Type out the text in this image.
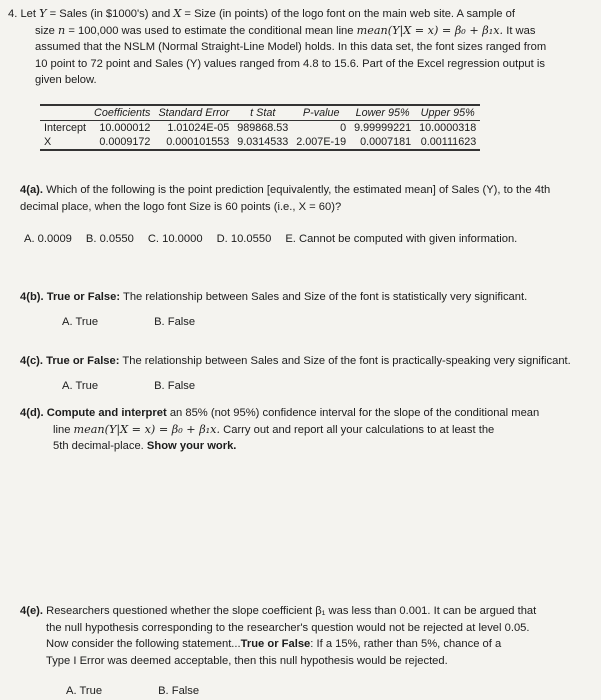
4. Let Y = Sales (in $1000's) and X = Size (in points) of the logo font on the main web site. A sample of

size n = 100,000 was used to estimate the conditional mean line mean(Y|X = x) = β₀ + β₁x. It was

assumed that the NSLM (Normal Straight-Line Model) holds. In this data set, the font sizes ranged from

10 point to 72 point and Sales (Y) values ranged from 4.8 to 15.6. Part of the Excel regression output is

given below.

	Coefficients	Standard Error	t Stat	P-value	Lower 95%	Upper 95%
Intercept	10.000012	1.01024E-05	989868.53	0	9.99999221	10.0000318
X	0.0009172	0.000101553	9.0314533	2.007E-19	0.0007181	0.00111623

4(a). Which of the following is the point prediction [equivalently, the estimated mean] of Sales (Y), to the 4th

decimal place, when the logo font Size is 60 points (i.e., X = 60)?

A. 0.0009 B. 0.0550 C. 10.0000 D. 10.0550 E. Cannot be computed with given information.

4(b). True or False: The relationship between Sales and Size of the font is statistically very significant.

A. True	B. False

4(c). True or False: The relationship between Sales and Size of the font is practically-speaking very significant.

A. True	B. False

4(d). Compute and interpret an 85% (not 95%) confidence interval for the slope of the conditional mean

line mean(Y|X = x) = β₀ + β₁x. Carry out and report all your calculations to at least the

5th decimal-place. Show your work.

4(e). Researchers questioned whether the slope coefficient β₁ was less than 0.001. It can be argued that

the null hypothesis corresponding to the researcher's question would not be rejected at level 0.05.

Now consider the following statement...True or False: If a 15%, rather than 5%, chance of a

Type I Error was deemed acceptable, then this null hypothesis would be rejected.

A. True	B. False
